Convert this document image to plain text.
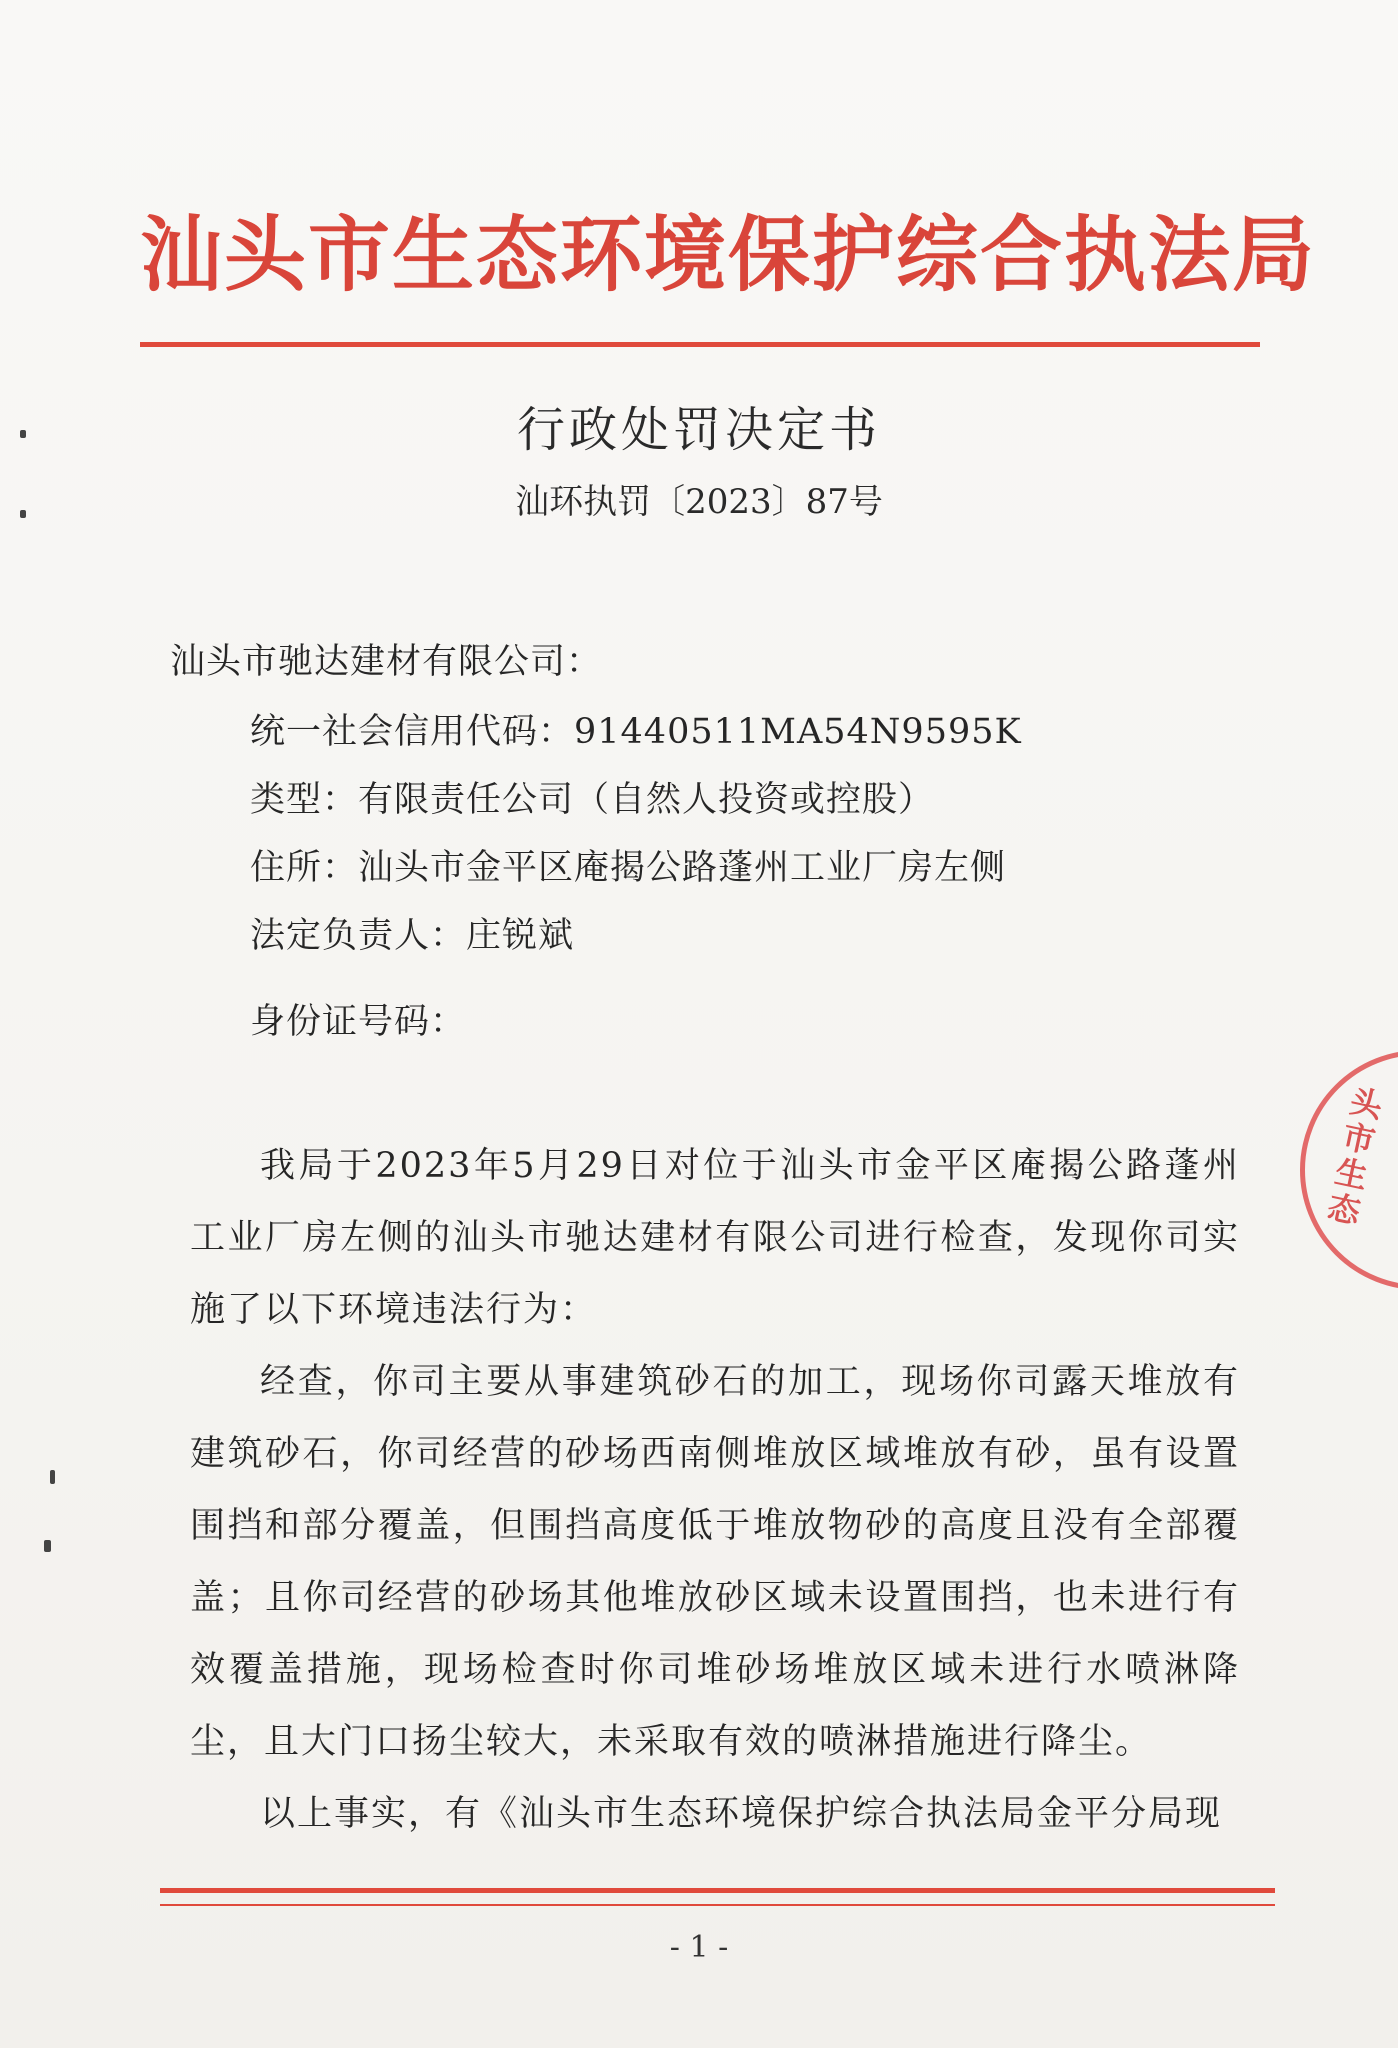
汕头市生态环境保护综合执法局
行政处罚决定书
汕环执罚〔2023〕87号
汕头市驰达建材有限公司：
统一社会信用代码：91440511MA54N9595K
类型：有限责任公司（自然人投资或控股）
住所：汕头市金平区庵揭公路蓬州工业厂房左侧
法定负责人：庄锐斌
身份证号码：
我局于2023年5月29日对位于汕头市金平区庵揭公路蓬州工业厂房左侧的汕头市驰达建材有限公司进行检查，发现你司实施了以下环境违法行为：
经查，你司主要从事建筑砂石的加工，现场你司露天堆放有建筑砂石，你司经营的砂场西南侧堆放区域堆放有砂，虽有设置围挡和部分覆盖，但围挡高度低于堆放物砂的高度且没有全部覆盖；且你司经营的砂场其他堆放砂区域未设置围挡，也未进行有效覆盖措施，现场检查时你司堆砂场堆放区域未进行水喷淋降尘，且大门口扬尘较大，未采取有效的喷淋措施进行降尘。
以上事实，有《汕头市生态环境保护综合执法局金平分局现
- 1 -
头市生态
